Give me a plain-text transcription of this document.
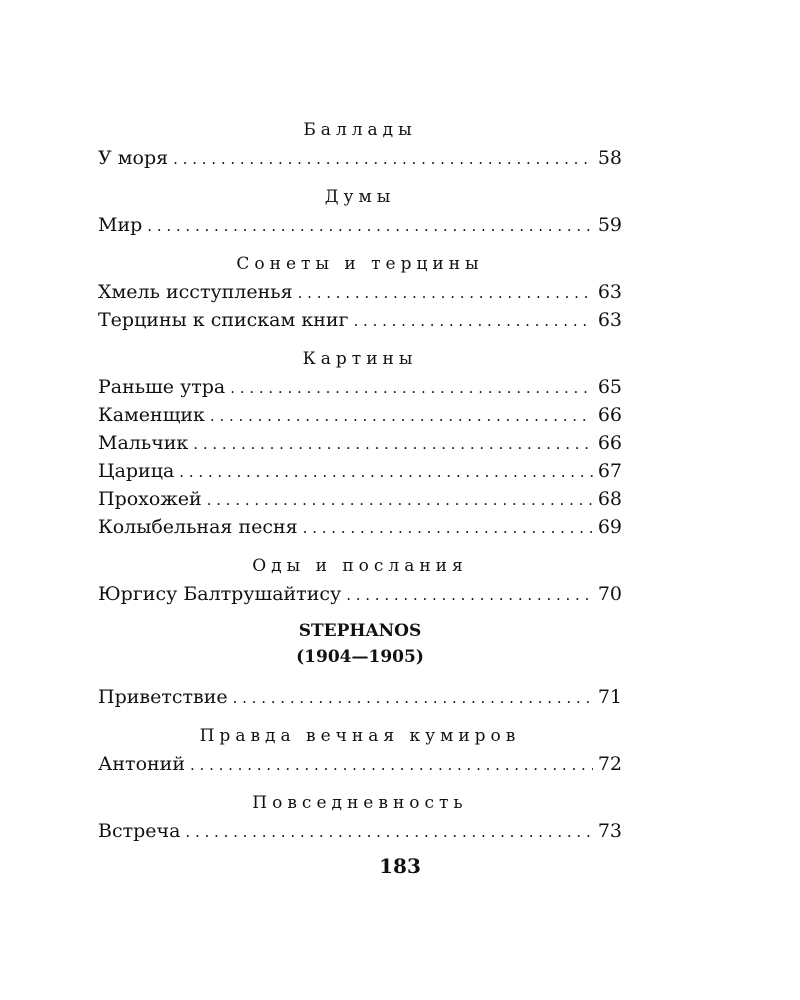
Баллады
У моря . . .	58
Думы
Мир . . .	59
Сонеты и терцины
Хмель исступленья . . .	63
Терцины к спискам книг . . .	63
Картины
Раньше утра . . .	65
Каменщик . . .	66
Мальчик . . .	66
Царица . . .	67
Прохожей . . .	68
Колыбельная песня . . .	69
Оды и послания
Юргису Балтрушайтису . . .	70
STEPHANOS
(1904—1905)
Приветствие . . .	71
Правда вечная кумиров
Антоний . . .	72
Повседневность
Встреча . . .	73
183
